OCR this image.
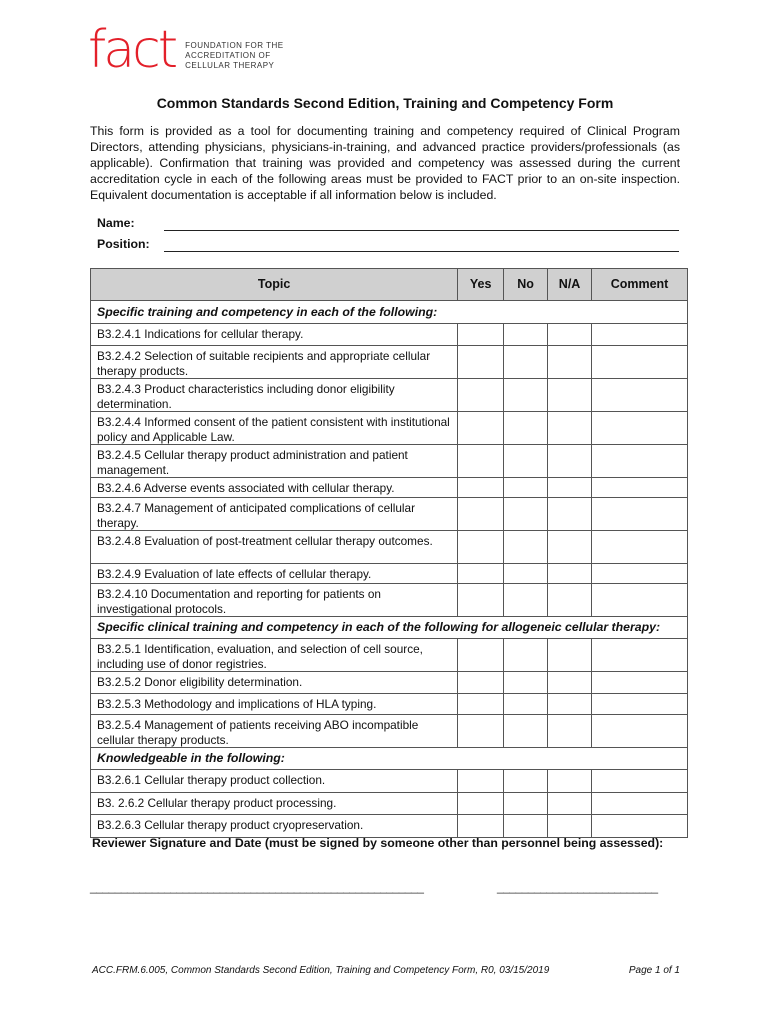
fact FOUNDATION FOR THE
ACCREDITATION OF
CELLULAR THERAPY
Common Standards Second Edition, Training and Competency Form
This form is provided as a tool for documenting training and competency required of Clinical Program Directors, attending physicians, physicians-in-training, and advanced practice providers/professionals (as applicable). Confirmation that training was provided and competency was assessed during the current accreditation cycle in each of the following areas must be provided to FACT prior to an on-site inspection. Equivalent documentation is acceptable if all information below is included.
Name:
Position:
Topic	Yes	No	N/A	Comment
Specific training and competency in each of the following:				
B3.2.4.1 Indications for cellular therapy.				
B3.2.4.2 Selection of suitable recipients and appropriate cellular therapy products.				
B3.2.4.3 Product characteristics including donor eligibility determination.				
B3.2.4.4 Informed consent of the patient consistent with institutional policy and Applicable Law.				
B3.2.4.5 Cellular therapy product administration and patient management.				
B3.2.4.6 Adverse events associated with cellular therapy.				
B3.2.4.7 Management of anticipated complications of cellular therapy.				
B3.2.4.8 Evaluation of post-treatment cellular therapy outcomes.				
B3.2.4.9 Evaluation of late effects of cellular therapy.				
B3.2.4.10 Documentation and reporting for patients on investigational protocols.				
Specific clinical training and competency in each of the following for allogeneic cellular therapy:				
B3.2.5.1 Identification, evaluation, and selection of cell source, including use of donor registries.				
B3.2.5.2 Donor eligibility determination.				
B3.2.5.3 Methodology and implications of HLA typing.				
B3.2.5.4 Management of patients receiving ABO incompatible cellular therapy products.				
Knowledgeable in the following:				
B3.2.6.1 Cellular therapy product collection.				
B3. 2.6.2 Cellular therapy product processing.				
B3.2.6.3 Cellular therapy product cryopreservation.				
Reviewer Signature and Date (must be signed by someone other than personnel being assessed):
______________________________________________________	__________________________
ACC.FRM.6.005, Common Standards Second Edition, Training and Competency Form, R0, 03/15/2019	Page 1 of 1
